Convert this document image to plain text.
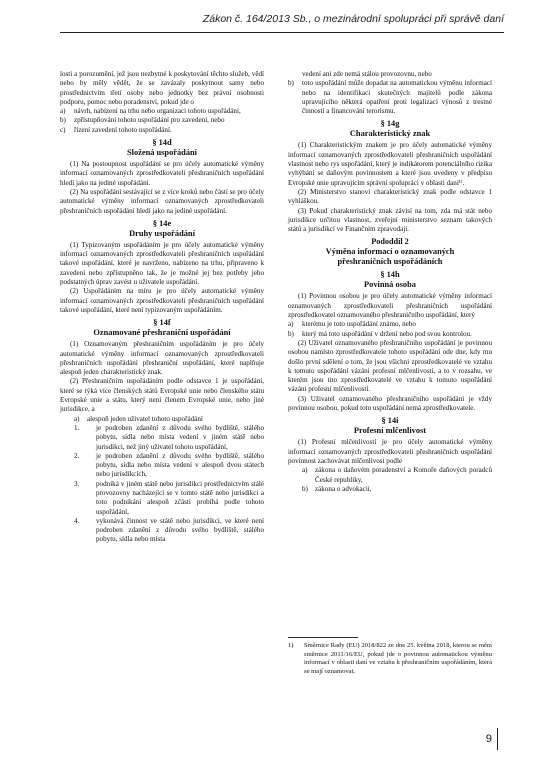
Zákon č. 164/2013 Sb., o mezinárodní spolupráci při správě daní

losti a porozumění, jež jsou nezbytné k poskytování těchto služeb, vědí nebo by měly vědět, že se zavázaly poskytnout samy nebo prostřednictvím třetí osoby nebo jednotky bez právní osobnosti podporu, pomoc nebo poradenství, pokud jde o

a)	návrh, nabízení na trhu nebo organizaci tohoto uspořádání,
b)	zpřístupňování tohoto uspořádání pro zavedení, nebo
c)	řízení zavedení tohoto uspořádání.
§ 14d
Složená uspořádání

(1) Na postoupnost uspořádání se pro účely automatické výměny informací oznamovaných zprostředkovateli přeshraničních uspořádání hledí jako na jediné uspořádání.

(2) Na uspořádání sestávající se z více kroků nebo částí se pro účely automatické výměny informací oznamovaných zprostředkovateli přeshraničních uspořádání hledí jako na jediné uspořádání.

§ 14e
Druhy uspořádání

(1) Typizovaným uspořádáním je pro účely automatické výměny informací oznamovaných zprostředkovateli přeshraničních uspořádání takové uspořádání, které je navrženo, nabízeno na trhu, připraveno k zavedení nebo zpřístupněno tak, že je možné jej bez potřeby jeho podstatných úprav zavést u uživatele uspořádání.

(2) Uspořádáním na míru je pro účely automatické výměny informací oznamovaných zprostředkovateli přeshraničních uspořádání takové uspořádání, které není typizovaným uspořádáním.

§ 14f
Oznamované přeshraniční uspořádání

(1) Oznamovaným přeshraničním uspořádáním je pro účely automatické výměny informací oznamovaných zprostředkovateli přeshraničních uspořádání přeshraniční uspořádání, které naplňuje alespoň jeden charakteristický znak.

(2) Přeshraničním uspořádáním podle odstavce 1 je uspořádání, které se týká více členských států Evropské unie nebo členského státu Evropské unie a státu, který není členem Evropské unie, nebo jiné jurisdikce, a

a)	alespoň jeden uživatel tohoto uspořádání
1.	je podroben zdanění z důvodu svého bydliště, stálého pobytu, sídla nebo místa vedení v jiném státě nebo jurisdikci, než jiný uživatel tohoto uspořádání,
2.	je podroben zdanění z důvodu svého bydliště, stálého pobytu, sídla nebo místa vedení v alespoň dvou státech nebo jurisdikcích,
3.	podniká v jiném státě nebo jurisdikci prostřednictvím stálé provozovny nacházející se v tomto státě nebo jurisdikci a toto podnikání alespoň zčásti probíhá podle tohoto uspořádání,
4.	vykonává činnost ve státě nebo jurisdikci, ve které není podroben zdanění z důvodu svého bydliště, stálého pobytu, sídla nebo místa

vedení ani zde nemá stálou provozovnu, nebo

b)	toto uspořádání může dopadat na automatickou výměnu informací nebo na identifikaci skutečných majitelů podle zákona upravujícího některá opatření proti legalizaci výnosů z trestné činnosti a financování terorismu.
§ 14g
Charakteristický znak

(1) Charakteristickým znakem je pro účely automatické výměny informací oznamovaných zprostředkovateli přeshraničních uspořádání vlastnost nebo rys uspořádání, který je indikátorem potenciálního rizika vyhýbání se daňovým povinnostem a které jsou uvedeny v předpisu Evropské unie upravujícím správní spolupráci v oblasti daní¹⁾.

(2) Ministerstvo stanoví charakteristický znak podle odstavce 1 vyhláškou.

(3) Pokud charakteristický znak závisí na tom, zda má stát nebo jurisdikce určitou vlastnost, zveřejní ministerstvo seznam takových států a jurisdikcí ve Finančním zpravodaji.

Pododdíl 2
Výměna informací o oznamovaných
přeshraničních uspořádáních
§ 14h
Povinná osoba

(1) Povinnou osobou je pro účely automatické výměny informací oznamovaných zprostředkovateli přeshraničních uspořádání zprostředkovatel oznamovaného přeshraničního uspořádání, který

a)	kterému je toto uspořádání známo, nebo
b)	který má toto uspořádání v držení nebo pod svou kontrolou.

(2) Uživatel oznamovaného přeshraničního uspořádání je povinnou osobou namísto zprostředkovatele tohoto uspořádání ode dne, kdy mu došlo první sdělení o tom, že jsou všichni zprostředkovatelé ve vztahu k tomuto uspořádání vázáni profesní mlčenlivostí, a to v rozsahu, ve kterém jsou tito zprostředkovatelé ve vztahu k tomuto uspořádání vázáni profesní mlčenlivostí.

(3) Uživatel oznamovaného přeshraničního uspořádání je vždy povinnou osobou, pokud toto uspořádání nemá zprostředkovatele.

§ 14i
Profesní mlčenlivost

(1) Profesní mlčenlivostí je pro účely automatické výměny informací oznamovaných zprostředkovateli přeshraničních uspořádání povinnost zachovávat mlčenlivost podle

a)	zákona o daňovém poradenství a Komoře daňových poradců České republiky,
b) zákona o advokacii,
1)	Směrnice Rady (EU) 2018/822 ze dne 25. května 2018, kterou se mění směrnice 2011/16/EU, pokud jde o povinnou automatickou výměnu informací v oblasti daní ve vztahu k přeshraničním uspořádáním, která se mají oznamovat.
9
